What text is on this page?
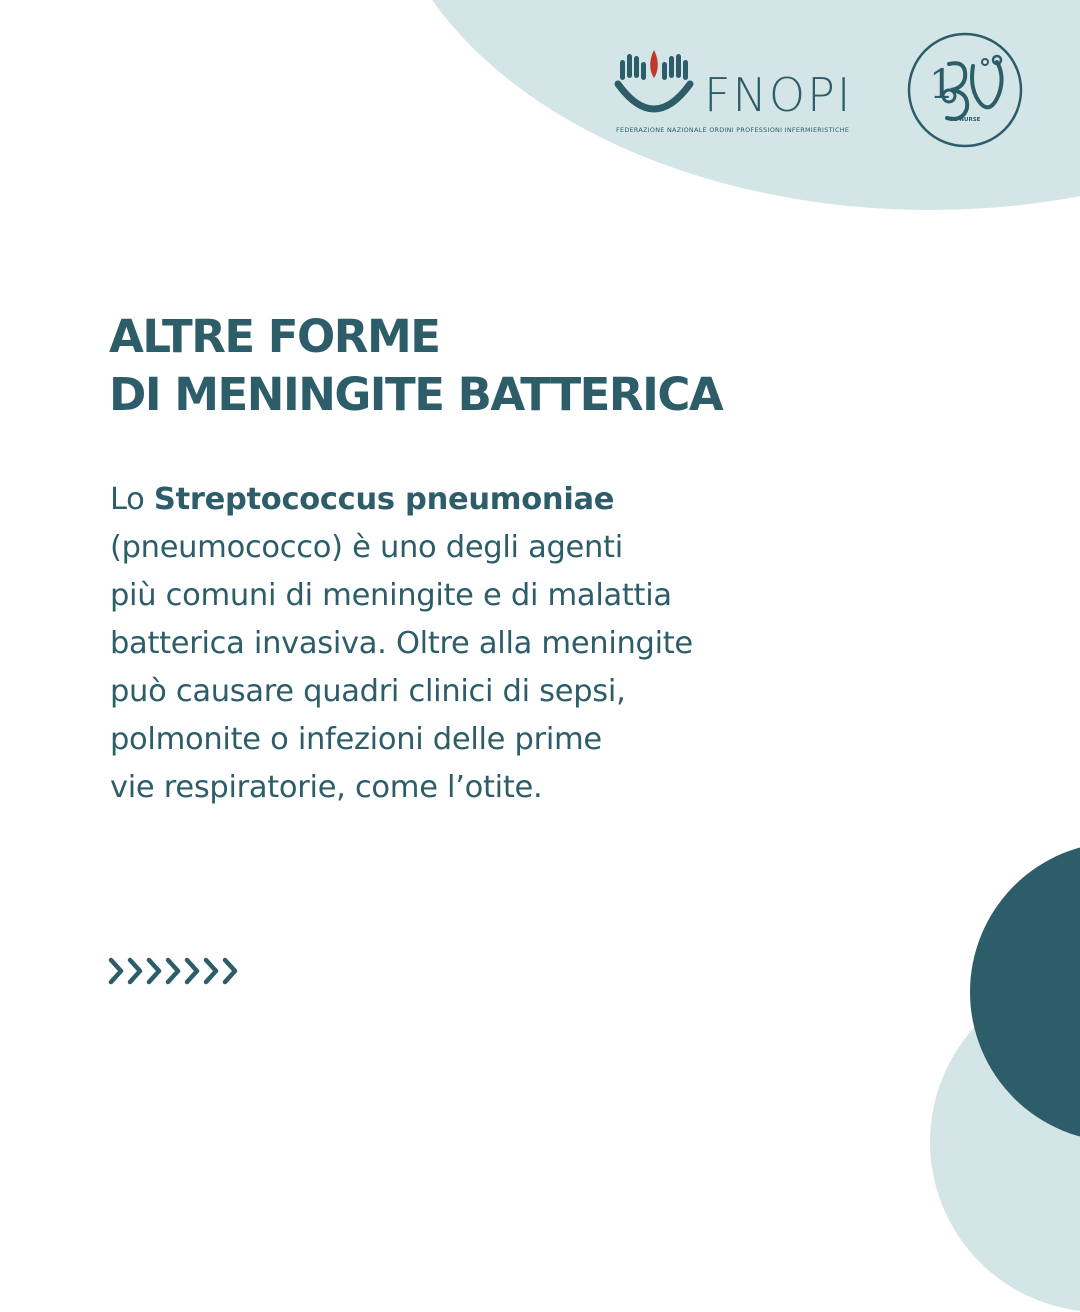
FNOPI
FEDERAZIONE NAZIONALE ORDINI PROFESSIONI INFERMIERISTICHE
1
BE NURSE
ALTRE FORME
DI MENINGITE BATTERICA

Lo Streptococcus pneumoniae
(pneumococco) è uno degli agenti
più comuni di meningite e di malattia
batterica invasiva. Oltre alla meningite
può causare quadri clinici di sepsi,
polmonite o infezioni delle prime
vie respiratorie, come l’otite.
